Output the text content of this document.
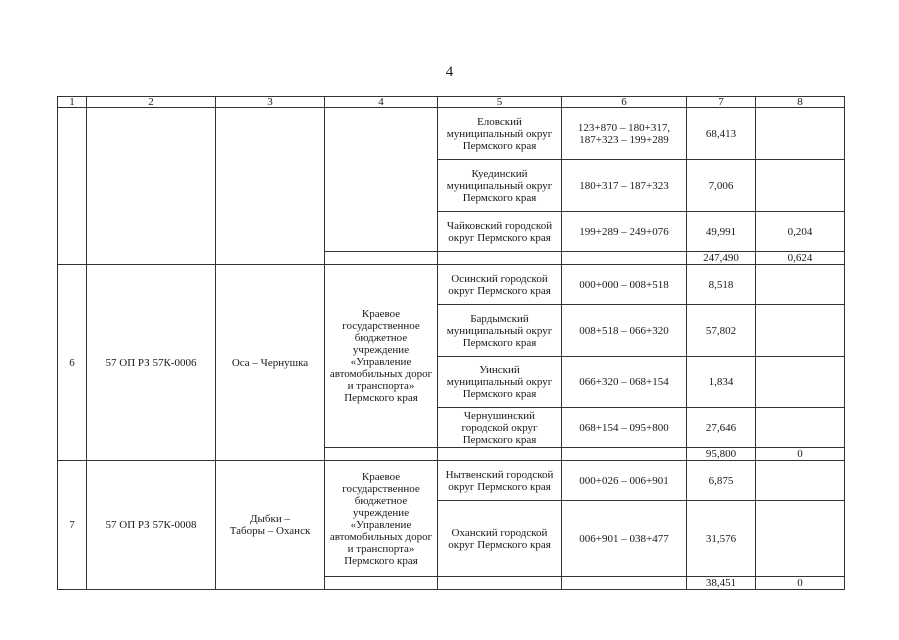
4
1	2	3	4	5	6	7	8
				Еловский муниципальный округ Пермского края	123+870 – 180+317,
187+323 – 199+289	68,413	
				Куединский муниципальный округ Пермского края	180+317 – 187+323	7,006	
				Чайковский городской округ Пермского края	199+289 – 249+076	49,991	0,204
						247,490	0,624
6	57 ОП РЗ 57К-0006	Оса – Чернушка	Краевое государственное бюджетное учреждение «Управление автомобильных дорог и транспорта» Пермского края	Осинский городской округ Пермского края	000+000 – 008+518	8,518	
				Бардымский муниципальный округ Пермского края	008+518 – 066+320	57,802	
				Уинский муниципальный округ Пермского края	066+320 – 068+154	1,834	
				Чернушинский городской округ Пермского края	068+154 – 095+800	27,646	
						95,800	0
7	57 ОП РЗ 57К-0008	Дыбки –
Таборы – Оханск	Краевое государственное бюджетное учреждение «Управление автомобильных дорог и транспорта» Пермского края	Нытвенский городской округ Пермского края	000+026 – 006+901	6,875	
				Оханский городской округ Пермского края	006+901 – 038+477	31,576	
						38,451	0
